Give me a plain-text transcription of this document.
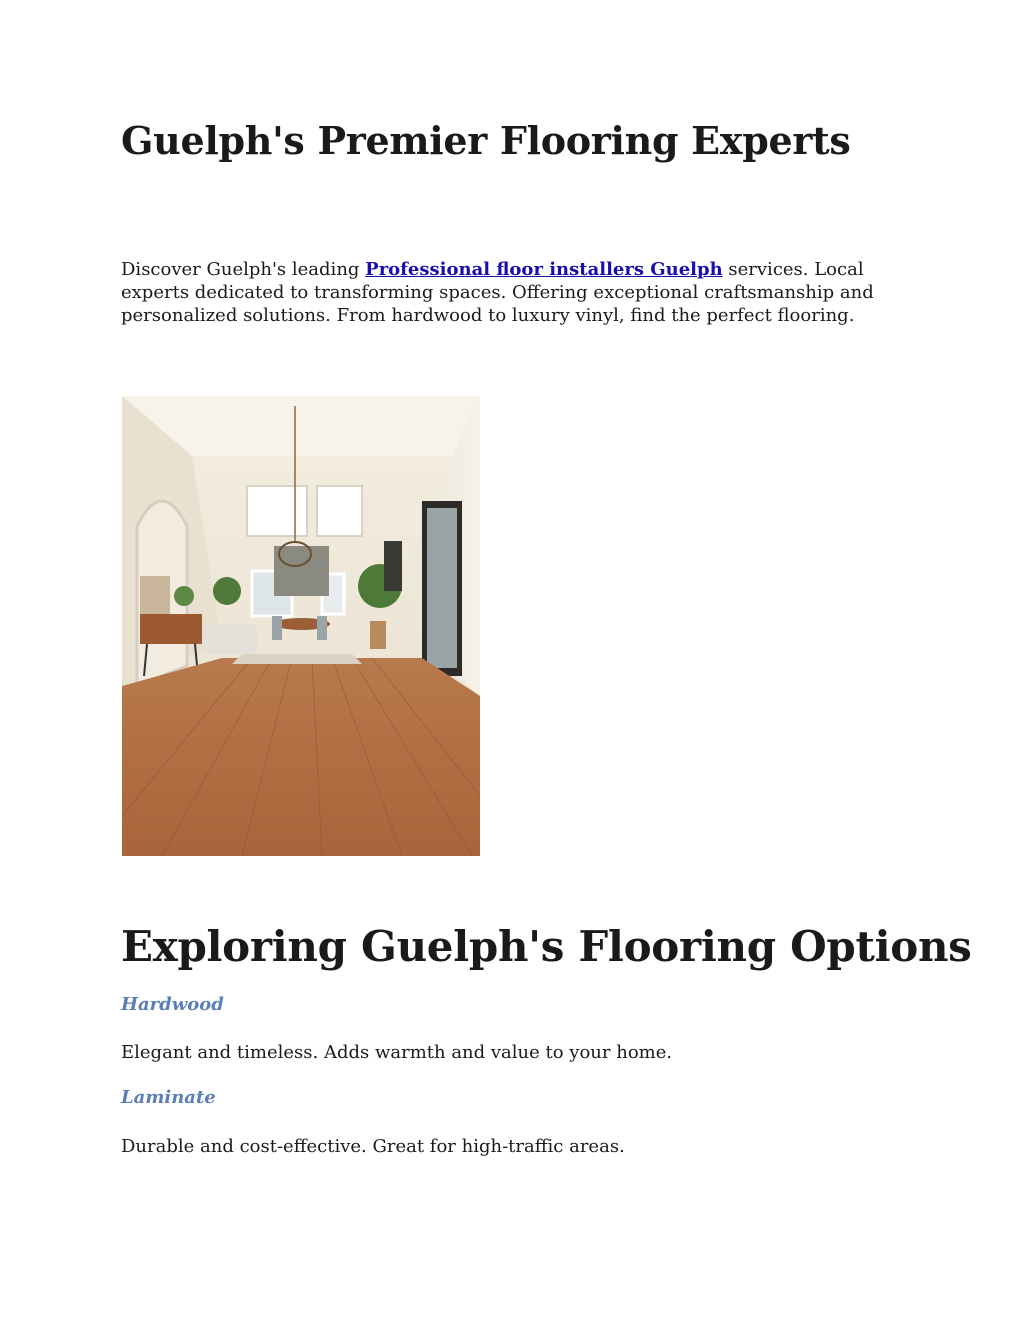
Guelph's Premier Flooring Experts

Discover Guelph's leading Professional floor installers Guelph services. Local experts dedicated to transforming spaces. Offering exceptional craftsmanship and personalized solutions. From hardwood to luxury vinyl, find the perfect flooring.

Exploring Guelph's Flooring Options

Hardwood

Elegant and timeless. Adds warmth and value to your home.

Laminate

Durable and cost-effective. Great for high-traffic areas.
